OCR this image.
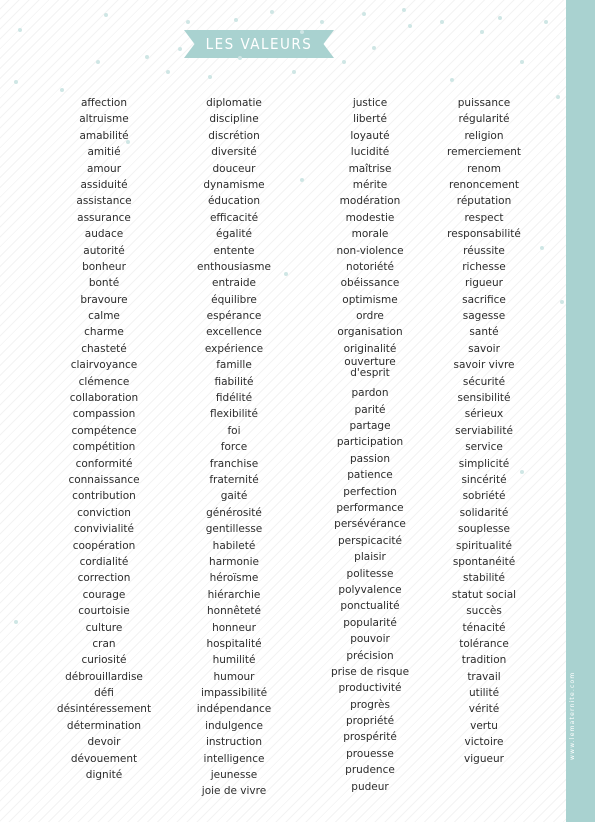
www.lematernite.com
LES VALEURS
affection
altruisme
amabilité
amitié
amour
assiduité
assistance
assurance
audace
autorité
bonheur
bonté
bravoure
calme
charme
chasteté
clairvoyance
clémence
collaboration
compassion
compétence
compétition
conformité
connaissance
contribution
conviction
convivialité
coopération
cordialité
correction
courage
courtoisie
culture
cran
curiosité
débrouillardise
défi
désintéressement
détermination
devoir
dévouement
dignité
diplomatie
discipline
discrétion
diversité
douceur
dynamisme
éducation
efficacité
égalité
entente
enthousiasme
entraide
équilibre
espérance
excellence
expérience
famille
fiabilité
fidélité
flexibilité
foi
force
franchise
fraternité
gaité
générosité
gentillesse
habileté
harmonie
héroïsme
hiérarchie
honnêteté
honneur
hospitalité
humilité
humour
impassibilité
indépendance
indulgence
instruction
intelligence
jeunesse
joie de vivre
justice
liberté
loyauté
lucidité
maîtrise
mérite
modération
modestie
morale
non-violence
notoriété
obéissance
optimisme
ordre
organisation
originalité
ouverture
d'esprit
pardon
parité
partage
participation
passion
patience
perfection
performance
persévérance
perspicacité
plaisir
politesse
polyvalence
ponctualité
popularité
pouvoir
précision
prise de risque
productivité
progrès
propriété
prospérité
prouesse
prudence
pudeur
puissance
régularité
religion
remerciement
renom
renoncement
réputation
respect
responsabilité
réussite
richesse
rigueur
sacrifice
sagesse
santé
savoir
savoir vivre
sécurité
sensibilité
sérieux
serviabilité
service
simplicité
sincérité
sobriété
solidarité
souplesse
spiritualité
spontanéité
stabilité
statut social
succès
ténacité
tolérance
tradition
travail
utilité
vérité
vertu
victoire
vigueur
